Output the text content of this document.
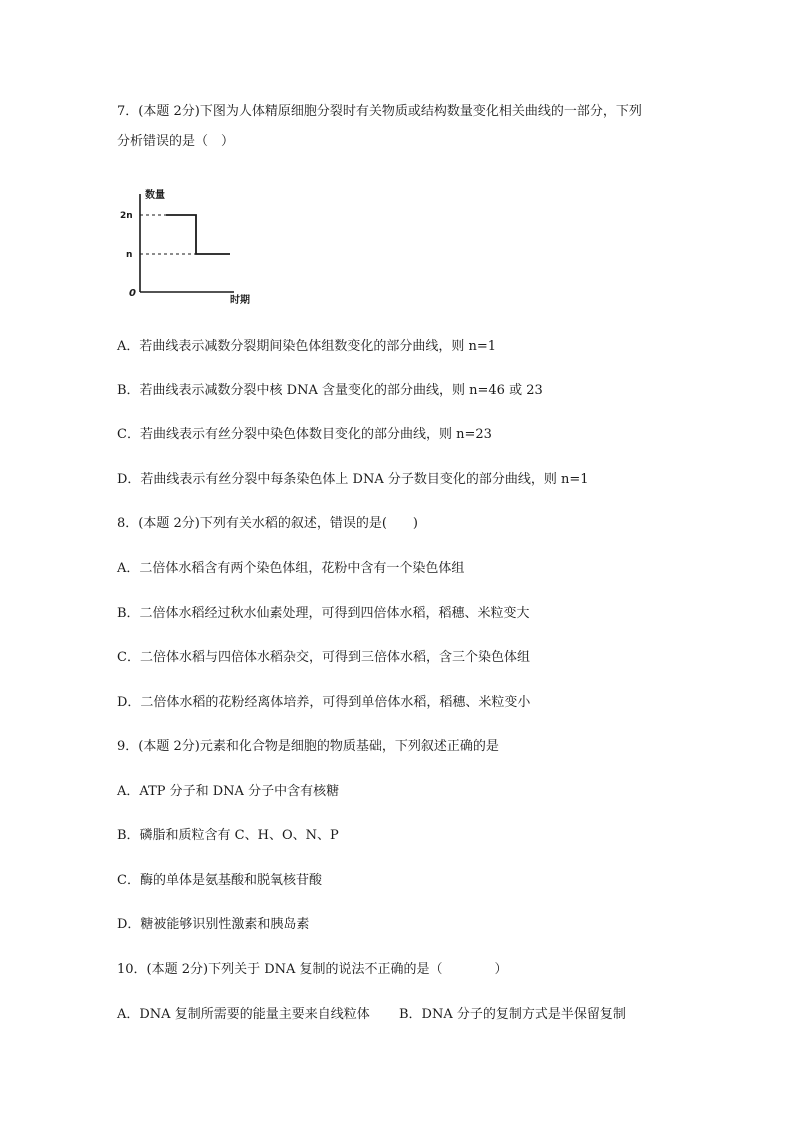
7．(本题 2分)下图为人体精原细胞分裂时有关物质或结构数量变化相关曲线的一部分，下列
分析错误的是（　）
数量
2n
n
0
时期
A．若曲线表示减数分裂期间染色体组数变化的部分曲线，则 n=1
B．若曲线表示减数分裂中核 DNA 含量变化的部分曲线，则 n=46 或 23
C．若曲线表示有丝分裂中染色体数目变化的部分曲线，则 n=23
D．若曲线表示有丝分裂中每条染色体上 DNA 分子数目变化的部分曲线，则 n=1
8．(本题 2分)下列有关水稻的叙述，错误的是(　　)
A．二倍体水稻含有两个染色体组，花粉中含有一个染色体组
B．二倍体水稻经过秋水仙素处理，可得到四倍体水稻，稻穗、米粒变大
C．二倍体水稻与四倍体水稻杂交，可得到三倍体水稻，含三个染色体组
D．二倍体水稻的花粉经离体培养，可得到单倍体水稻，稻穗、米粒变小
9．(本题 2分)元素和化合物是细胞的物质基础，下列叙述正确的是
A．ATP 分子和 DNA 分子中含有核糖
B．磷脂和质粒含有 C、H、O、N、P
C．酶的单体是氨基酸和脱氧核苷酸
D．糖被能够识别性激素和胰岛素
10．(本题 2分)下列关于 DNA 复制的说法不正确的是（　　　　）
A．DNA 复制所需要的能量主要来自线粒体 B．DNA 分子的复制方式是半保留复制
